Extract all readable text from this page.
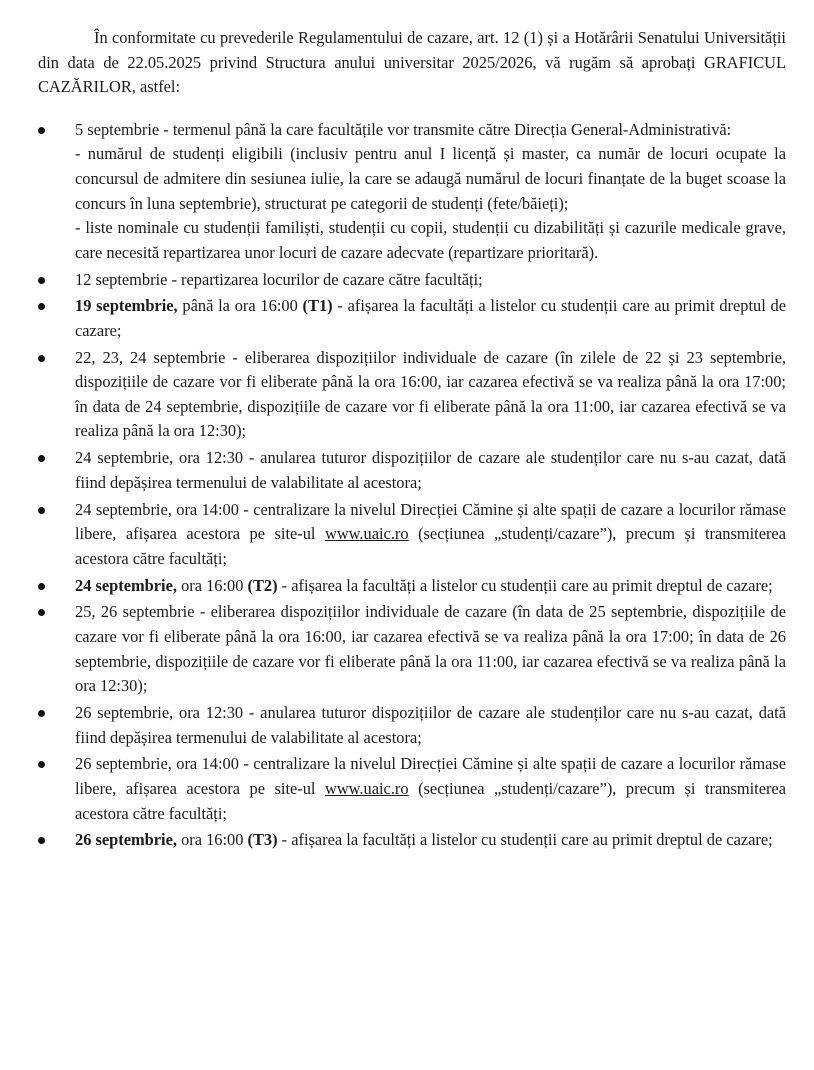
În conformitate cu prevederile Regulamentului de cazare, art. 12 (1) și a Hotărârii Senatului Universității din data de 22.05.2025 privind Structura anului universitar 2025/2026, vă rugăm să aprobați GRAFICUL CAZĂRILOR, astfel:

5 septembrie - termenul până la care facultățile vor transmite către Direcția General-Administrativă:

- numărul de studenți eligibili (inclusiv pentru anul I licență și master, ca număr de locuri ocupate la concursul de admitere din sesiunea iulie, la care se adaugă numărul de locuri finanțate de la buget scoase la concurs în luna septembrie), structurat pe categorii de studenți (fete/băieți);

- liste nominale cu studenții familiști, studenții cu copii, studenții cu dizabilități și cazurile medicale grave, care necesită repartizarea unor locuri de cazare adecvate (repartizare prioritară).

12 septembrie - repartizarea locurilor de cazare către facultăți;
19 septembrie, până la ora 16:00 (T1) - afișarea la facultăți a listelor cu studenții care au primit dreptul de cazare;
22, 23, 24 septembrie - eliberarea dispozițiilor individuale de cazare (în zilele de 22 și 23 septembrie, dispozițiile de cazare vor fi eliberate până la ora 16:00, iar cazarea efectivă se va realiza până la ora 17:00; în data de 24 septembrie, dispozițiile de cazare vor fi eliberate până la ora 11:00, iar cazarea efectivă se va realiza până la ora 12:30);
24 septembrie, ora 12:30 - anularea tuturor dispozițiilor de cazare ale studenților care nu s-au cazat, dată fiind depășirea termenului de valabilitate al acestora;
24 septembrie, ora 14:00 - centralizare la nivelul Direcției Cămine și alte spații de cazare a locurilor rămase libere, afișarea acestora pe site-ul www.uaic.ro (secțiunea „studenți/cazare”), precum și transmiterea acestora către facultăți;
24 septembrie, ora 16:00 (T2) - afișarea la facultăți a listelor cu studenții care au primit dreptul de cazare;
25, 26 septembrie - eliberarea dispozițiilor individuale de cazare (în data de 25 septembrie, dispozițiile de cazare vor fi eliberate până la ora 16:00, iar cazarea efectivă se va realiza până la ora 17:00; în data de 26 septembrie, dispozițiile de cazare vor fi eliberate până la ora 11:00, iar cazarea efectivă se va realiza până la ora 12:30);
26 septembrie, ora 12:30 - anularea tuturor dispozițiilor de cazare ale studenților care nu s-au cazat, dată fiind depășirea termenului de valabilitate al acestora;
26 septembrie, ora 14:00 - centralizare la nivelul Direcției Cămine și alte spații de cazare a locurilor rămase libere, afișarea acestora pe site-ul www.uaic.ro (secțiunea „studenți/cazare”), precum și transmiterea acestora către facultăți;
26 septembrie, ora 16:00 (T3) - afișarea la facultăți a listelor cu studenții care au primit dreptul de cazare;
